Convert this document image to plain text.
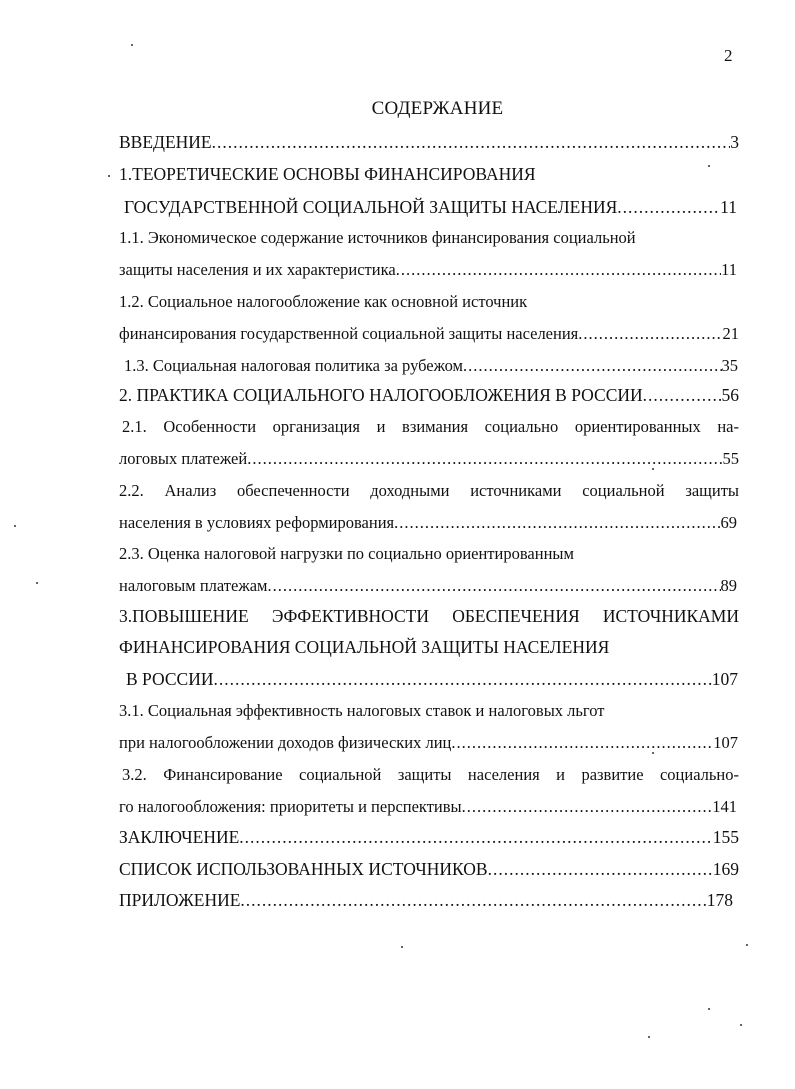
2
СОДЕРЖАНИЕ
ВВЕДЕНИЕ .....	3
1.ТЕОРЕТИЧЕСКИЕ ОСНОВЫ ФИНАНСИРОВАНИЯ
ГОСУДАРСТВЕННОЙ СОЦИАЛЬНОЙ ЗАЩИТЫ НАСЕЛЕНИЯ .....	11
1.1. Экономическое содержание источников финансирования социальной
защиты населения и их характеристика .....	11
1.2. Социальное налогообложение как основной источник
финансирования государственной социальной защиты населения .....	21
1.3. Социальная налоговая политика за рубежом .....	35
2. ПРАКТИКА СОЦИАЛЬНОГО НАЛОГООБЛОЖЕНИЯ В РОССИИ .....	56
2.1. Особенности организация и взимания социально ориентированных на-
логовых платежей .....	55
2.2. Анализ обеспеченности доходными источниками социальной защиты
населения в условиях реформирования .....	69
2.3. Оценка налоговой нагрузки по социально ориентированным
налоговым платежам .....	89
3.ПОВЫШЕНИЕ ЭФФЕКТИВНОСТИ ОБЕСПЕЧЕНИЯ ИСТОЧНИКАМИ
ФИНАНСИРОВАНИЯ СОЦИАЛЬНОЙ ЗАЩИТЫ НАСЕЛЕНИЯ
В РОССИИ .....	107
3.1. Социальная эффективность налоговых ставок и налоговых льгот
при налогообложении доходов физических лиц .....	107
3.2. Финансирование социальной защиты населения и развитие социально-
го налогообложения: приоритеты и перспективы .....	141
ЗАКЛЮЧЕНИЕ .....	155
СПИСОК ИСПОЛЬЗОВАННЫХ ИСТОЧНИКОВ .....	169
ПРИЛОЖЕНИЕ .....	178
